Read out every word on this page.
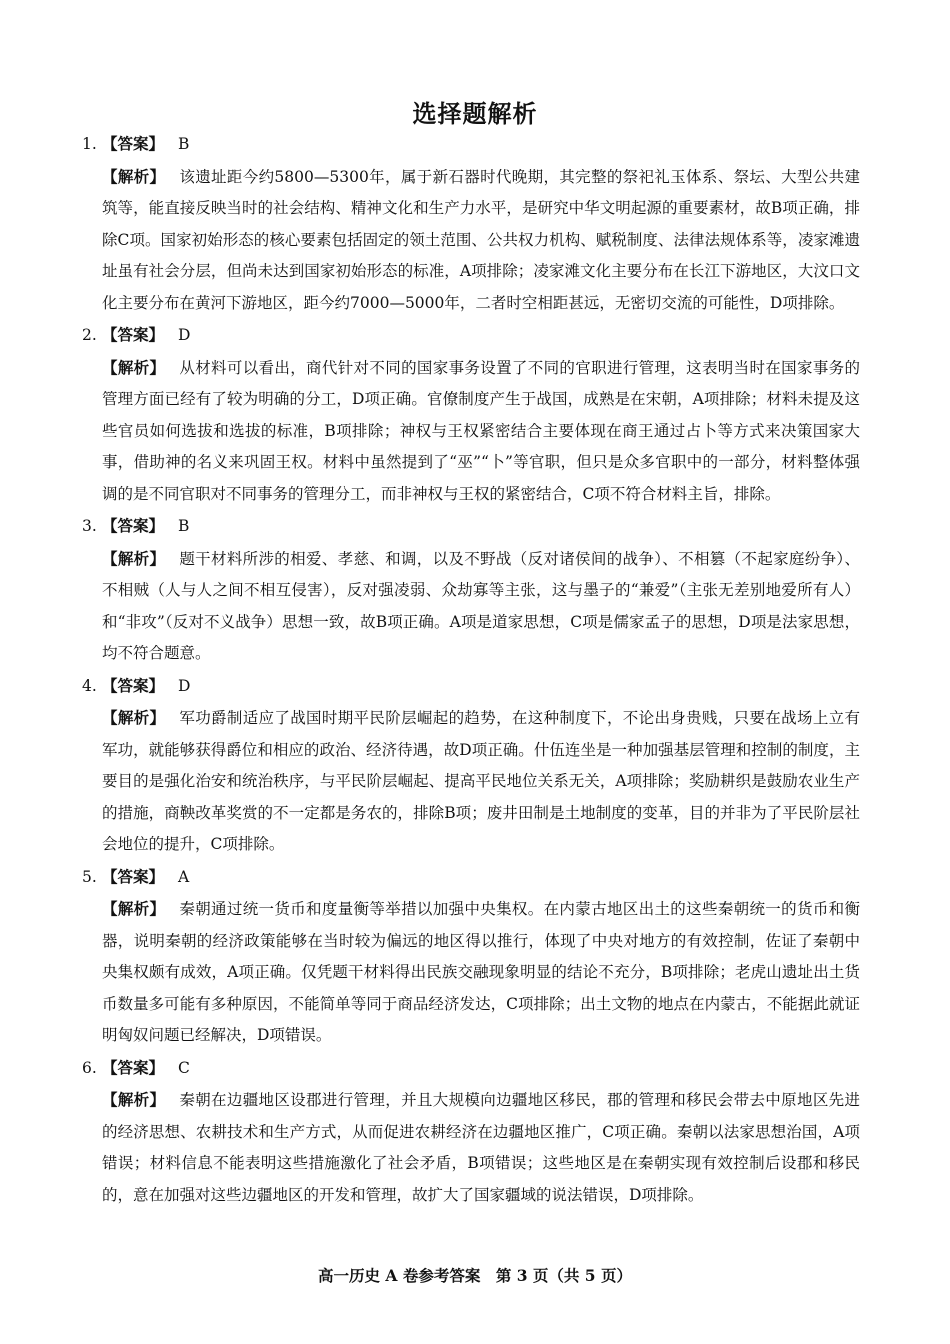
选择题解析
1. 【答案】 B

【解析】 该遗址距今约5800—5300年，属于新石器时代晚期，其完整的祭祀礼玉体系、祭坛、大型公共建筑等，能直接反映当时的社会结构、精神文化和生产力水平，是研究中华文明起源的重要素材，故B项正确，排除C项。国家初始形态的核心要素包括固定的领土范围、公共权力机构、赋税制度、法律法规体系等，凌家滩遗址虽有社会分层，但尚未达到国家初始形态的标准，A项排除；凌家滩文化主要分布在长江下游地区，大汶口文化主要分布在黄河下游地区，距今约7000—5000年，二者时空相距甚远，无密切交流的可能性，D项排除。

2. 【答案】 D

【解析】 从材料可以看出，商代针对不同的国家事务设置了不同的官职进行管理，这表明当时在国家事务的管理方面已经有了较为明确的分工，D项正确。官僚制度产生于战国，成熟是在宋朝，A项排除；材料未提及这些官员如何选拔和选拔的标准，B项排除；神权与王权紧密结合主要体现在商王通过占卜等方式来决策国家大事，借助神的名义来巩固王权。材料中虽然提到了“巫”“卜”等官职，但只是众多官职中的一部分，材料整体强调的是不同官职对不同事务的管理分工，而非神权与王权的紧密结合，C项不符合材料主旨，排除。

3. 【答案】 B

【解析】 题干材料所涉的相爱、孝慈、和调，以及不野战（反对诸侯间的战争）、不相篡（不起家庭纷争）、不相贼（人与人之间不相互侵害），反对强凌弱、众劫寡等主张，这与墨子的“兼爱”（主张无差别地爱所有人）和“非攻”（反对不义战争）思想一致，故B项正确。A项是道家思想，C项是儒家孟子的思想，D项是法家思想，均不符合题意。

4. 【答案】 D

【解析】 军功爵制适应了战国时期平民阶层崛起的趋势，在这种制度下，不论出身贵贱，只要在战场上立有军功，就能够获得爵位和相应的政治、经济待遇，故D项正确。什伍连坐是一种加强基层管理和控制的制度，主要目的是强化治安和统治秩序，与平民阶层崛起、提高平民地位关系无关，A项排除；奖励耕织是鼓励农业生产的措施，商鞅改革奖赏的不一定都是务农的，排除B项；废井田制是土地制度的变革，目的并非为了平民阶层社会地位的提升，C项排除。

5. 【答案】 A

【解析】 秦朝通过统一货币和度量衡等举措以加强中央集权。在内蒙古地区出土的这些秦朝统一的货币和衡器，说明秦朝的经济政策能够在当时较为偏远的地区得以推行，体现了中央对地方的有效控制，佐证了秦朝中央集权颇有成效，A项正确。仅凭题干材料得出民族交融现象明显的结论不充分，B项排除；老虎山遗址出土货币数量多可能有多种原因，不能简单等同于商品经济发达，C项排除；出土文物的地点在内蒙古，不能据此就证明匈奴问题已经解决，D项错误。

6. 【答案】 C

【解析】 秦朝在边疆地区设郡进行管理，并且大规模向边疆地区移民，郡的管理和移民会带去中原地区先进的经济思想、农耕技术和生产方式，从而促进农耕经济在边疆地区推广，C项正确。秦朝以法家思想治国，A项错误；材料信息不能表明这些措施激化了社会矛盾，B项错误；这些地区是在秦朝实现有效控制后设郡和移民的，意在加强对这些边疆地区的开发和管理，故扩大了国家疆域的说法错误，D项排除。

高一历史 A 卷参考答案　第 3 页（共 5 页）
